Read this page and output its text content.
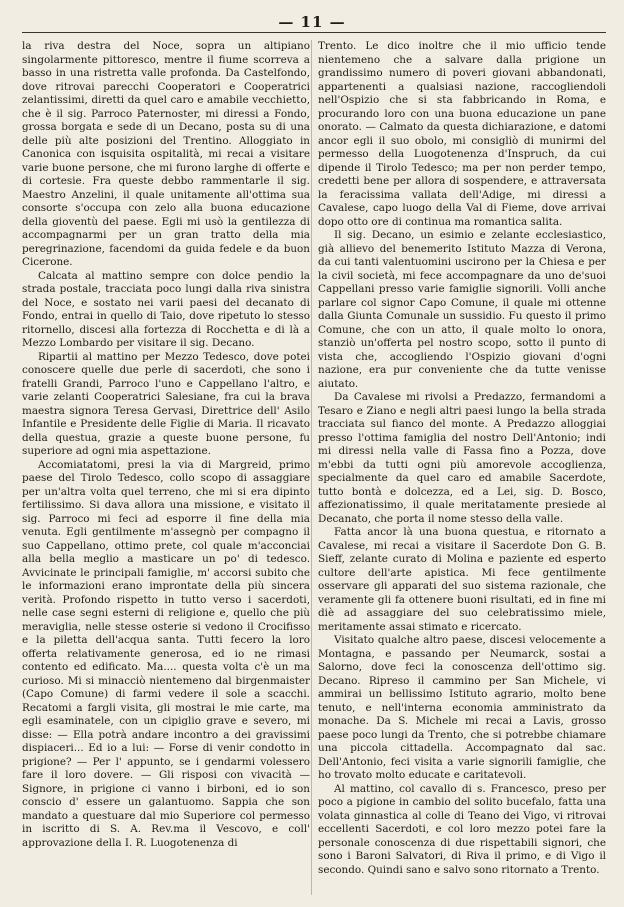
— 11 —

la riva destra del Noce, sopra un altipiano singolarmente pittoresco, mentre il fiume scorreva a basso in una ristretta valle profonda. Da Castelfondo, dove ritrovai parecchi Cooperatori e Cooperatrici zelantissimi, diretti da quel caro e amabile vecchietto, che è il sig. Parroco Paternoster, mi diressi a Fondo, grossa borgata e sede di un Decano, posta su di una delle più alte posizioni del Trentino. Alloggiato in Canonica con isquisita ospitalità, mi recai a visitare varie buone persone, che mi furono larghe di offerte e di cortesie. Fra queste debbo rammentarle il sig. Maestro Anzelini, il quale unitamente all'ottima sua consorte s'occupa con zelo alla buona educazione della gioventù del paese. Egli mi usò la gentilezza di accompagnarmi per un gran tratto della mia peregrinazione, facendomi da guida fedele e da buon Cicerone.

Calcata al mattino sempre con dolce pendio la strada postale, tracciata poco lungi dalla riva sinistra del Noce, e sostato nei varii paesi del decanato di Fondo, entrai in quello di Taio, dove ripetuto lo stesso ritornello, discesi alla fortezza di Rocchetta e di là a Mezzo Lombardo per visitare il sig. Decano.

Ripartii al mattino per Mezzo Tedesco, dove potei conoscere quelle due perle di sacerdoti, che sono i fratelli Grandi, Parroco l'uno e Cappellano l'altro, e varie zelanti Cooperatrici Salesiane, fra cui la brava maestra signora Teresa Gervasi, Direttrice dell' Asilo Infantile e Presidente delle Figlie di Maria. Il ricavato della questua, grazie a queste buone persone, fu superiore ad ogni mia aspettazione.

Accomiatatomi, presi la via di Margreid, primo paese del Tirolo Tedesco, collo scopo di assaggiare per un'altra volta quel terreno, che mi si era dipinto fertilissimo. Si dava allora una missione, e visitato il sig. Parroco mi feci ad esporre il fine della mia venuta. Egli gentilmente m'assegnò per compagno il suo Cappellano, ottimo prete, col quale m'acconciai alla bella meglio a masticare un po' di tedesco. Avvicinate le principali famiglie, m' accorsi subito che le informazioni erano improntate della più sincera verità. Profondo rispetto in tutto verso i sacerdoti, nelle case segni esterni di religione e, quello che più meraviglia, nelle stesse osterie si vedono il Crocifisso e la piletta dell'acqua santa. Tutti fecero la loro offerta relativamente generosa, ed io ne rimasi contento ed edificato. Ma.... questa volta c'è un ma curioso. Mi si minacciò nientemeno dal birgenmaister (Capo Comune) di farmi vedere il sole a scacchi. Recatomi a fargli visita, gli mostrai le mie carte, ma egli esaminatele, con un cipiglio grave e severo, mi disse: — Ella potrà andare incontro a dei gravissimi dispiaceri... Ed io a lui: — Forse di venir condotto in prigione? — Per l' appunto, se i gendarmi volessero fare il loro dovere. — Gli risposi con vivacità — Signore, in prigione ci vanno i birboni, ed io son conscio d' essere un galantuomo. Sappia che son mandato a questuare dal mio Superiore col permesso in iscritto di S. A. Rev.ma il Vescovo, e coll' approvazione della I. R. Luogotenenza di

Trento. Le dico inoltre che il mio ufficio tende nientemeno che a salvare dalla prigione un grandissimo numero di poveri giovani abbandonati, appartenenti a qualsiasi nazione, raccogliendoli nell'Ospizio che si sta fabbricando in Roma, e procurando loro con una buona educazione un pane onorato. — Calmato da questa dichiarazione, e datomi ancor egli il suo obolo, mi consigliò di munirmi del permesso della Luogotenenza d'Inspruch, da cui dipende il Tirolo Tedesco; ma per non perder tempo, credetti bene per allora di sospendere, e attraversata la feracissima vallata dell'Adige, mi diressi a Cavalese, capo luogo della Val di Fieme, dove arrivai dopo otto ore di continua ma romantica salita.

Il sig. Decano, un esimio e zelante ecclesiastico, già allievo del benemerito Istituto Mazza di Verona, da cui tanti valentuomini uscirono per la Chiesa e per la civil società, mi fece accompagnare da uno de'suoi Cappellani presso varie famiglie signorili. Volli anche parlare col signor Capo Comune, il quale mi ottenne dalla Giunta Comunale un sussidio. Fu questo il primo Comune, che con un atto, il quale molto lo onora, stanziò un'offerta pel nostro scopo, sotto il punto di vista che, accogliendo l'Ospizio giovani d'ogni nazione, era pur conveniente che da tutte venisse aiutato.

Da Cavalese mi rivolsi a Predazzo, fermandomi a Tesaro e Ziano e negli altri paesi lungo la bella strada tracciata sul fianco del monte. A Predazzo alloggiai presso l'ottima famiglia del nostro Dell'Antonio; indi mi diressi nella valle di Fassa fino a Pozza, dove m'ebbi da tutti ogni più amorevole accoglienza, specialmente da quel caro ed amabile Sacerdote, tutto bontà e dolcezza, ed a Lei, sig. D. Bosco, affezionatissimo, il quale meritatamente presiede al Decanato, che porta il nome stesso della valle.

Fatta ancor là una buona questua, e ritornato a Cavalese, mi recai a visitare il Sacerdote Don G. B. Sieff, zelante curato di Molina e paziente ed esperto cultore dell'arte apistica. Mi fece gentilmente osservare gli apparati del suo sistema razionale, che veramente gli fa ottenere buoni risultati, ed in fine mi diè ad assaggiare del suo celebratissimo miele, meritamente assai stimato e ricercato.

Visitato qualche altro paese, discesi velocemente a Montagna, e passando per Neumarck, sostai a Salorno, dove feci la conoscenza dell'ottimo sig. Decano. Ripreso il cammino per San Michele, vi ammirai un bellissimo Istituto agrario, molto bene tenuto, e nell'interna economia amministrato da monache. Da S. Michele mi recai a Lavis, grosso paese poco lungi da Trento, che si potrebbe chiamare una piccola cittadella. Accompagnato dal sac. Dell'Antonio, feci visita a varie signorili famiglie, che ho trovato molto educate e caritatevoli.

Al mattino, col cavallo di s. Francesco, preso per poco a pigione in cambio del solito bucefalo, fatta una volata ginnastica al colle di Teano dei Vigo, vi ritrovai eccellenti Sacerdoti, e col loro mezzo potei fare la personale conoscenza di due rispettabili signori, che sono i Baroni Salvatori, di Riva il primo, e di Vigo il secondo. Quindi sano e salvo sono ritornato a Trento.
